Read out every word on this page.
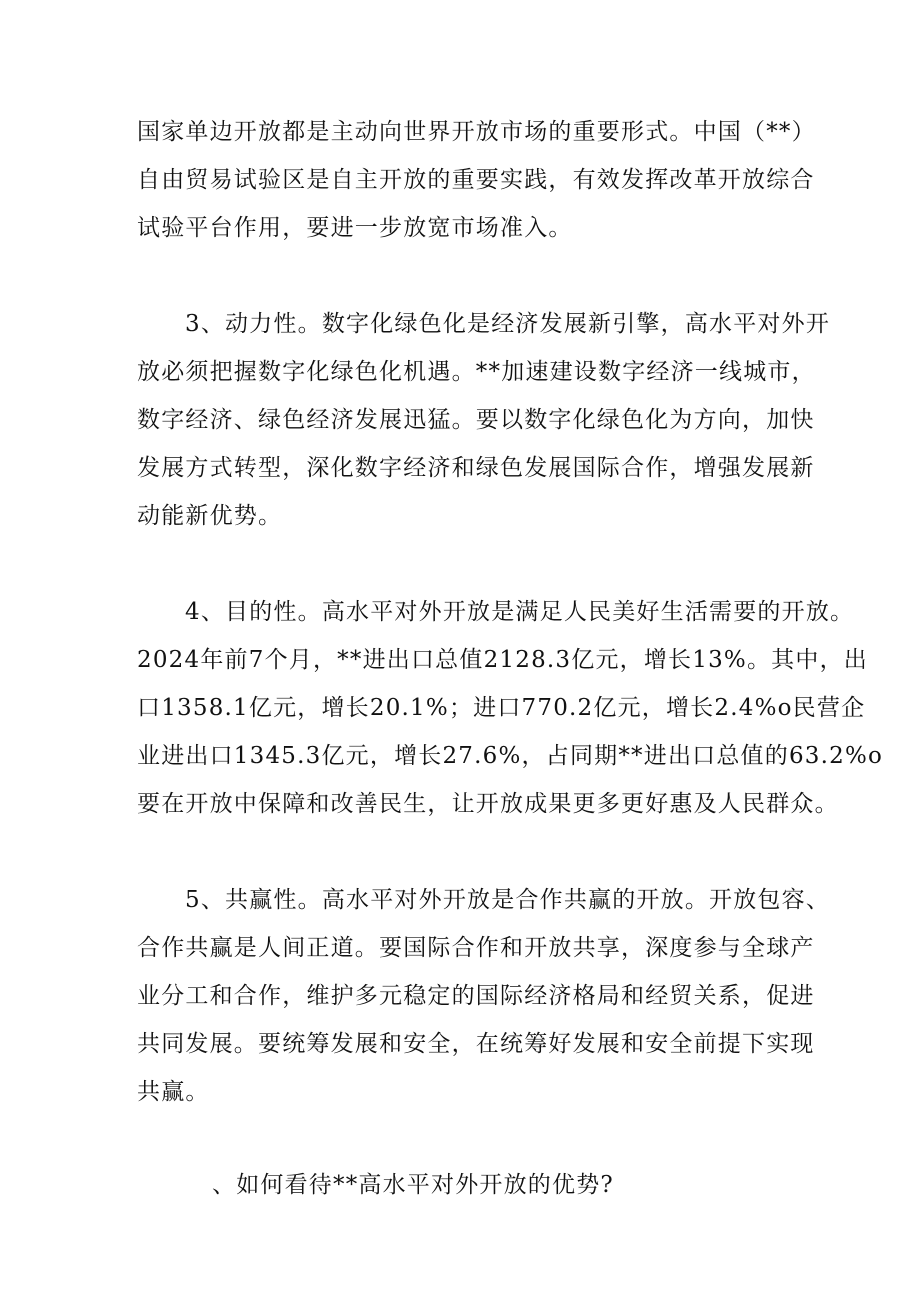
国家单边开放都是主动向世界开放市场的重要形式。中国（**）
自由贸易试验区是自主开放的重要实践，有效发挥改革开放综合
试验平台作用，要进一步放宽市场准入。
3、动力性。数字化绿色化是经济发展新引擎，高水平对外开
放必须把握数字化绿色化机遇。**加速建设数字经济一线城市，
数字经济、绿色经济发展迅猛。要以数字化绿色化为方向，加快
发展方式转型，深化数字经济和绿色发展国际合作，增强发展新
动能新优势。
4、目的性。高水平对外开放是满足人民美好生活需要的开放。
2024年前7个月，**进出口总值2128.3亿元，增长13%。其中，出
口1358.1亿元，增长20.1%；进口770.2亿元，增长2.4%o民营企
业进出口1345.3亿元，增长27.6%，占同期**进出口总值的63.2%o
要在开放中保障和改善民生，让开放成果更多更好惠及人民群众。
5、共赢性。高水平对外开放是合作共赢的开放。开放包容、
合作共赢是人间正道。要国际合作和开放共享，深度参与全球产
业分工和合作，维护多元稳定的国际经济格局和经贸关系，促进
共同发展。要统筹发展和安全，在统筹好发展和安全前提下实现
共赢。
、如何看待**高水平对外开放的优势?
